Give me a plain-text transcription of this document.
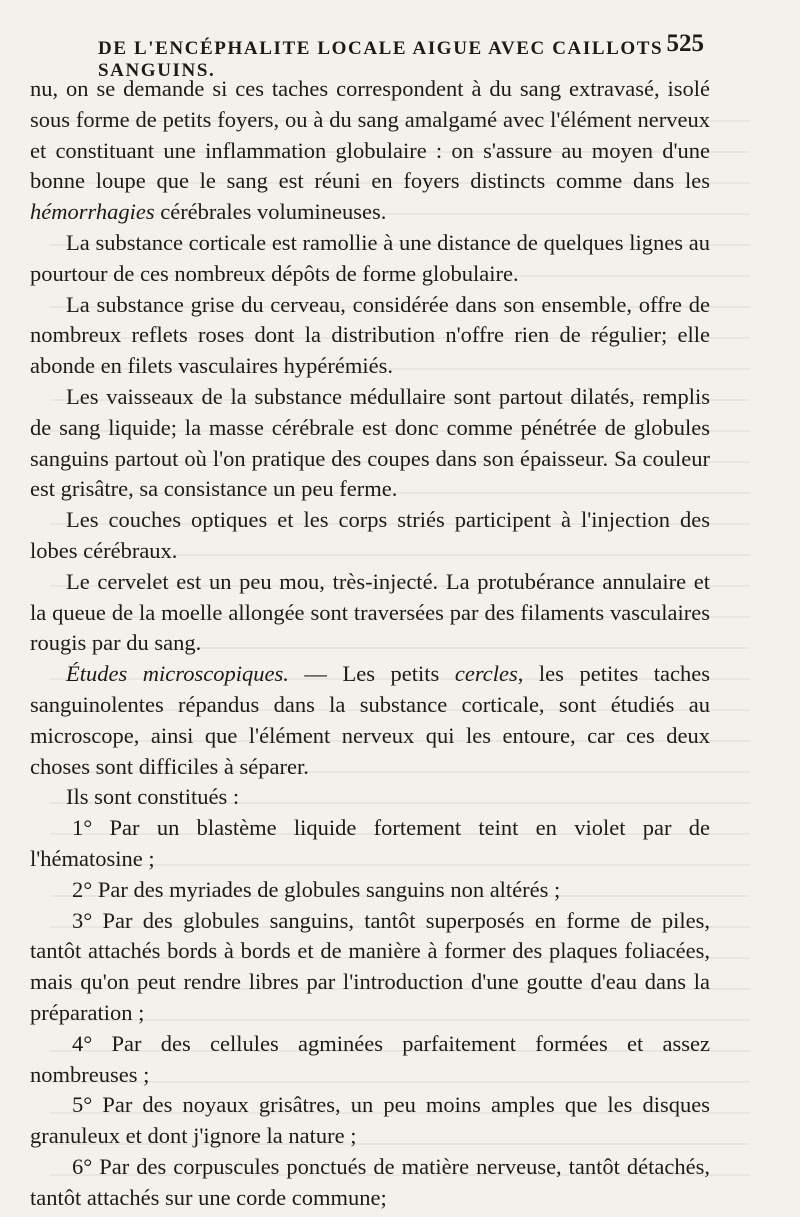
DE L'ENCÉPHALITE LOCALE AIGUE AVEC CAILLOTS SANGUINS.
525

nu, on se demande si ces taches correspondent à du sang extravasé, isolé sous forme de petits foyers, ou à du sang amalgamé avec l'élément nerveux et constituant une inflammation globulaire : on s'assure au moyen d'une bonne loupe que le sang est réuni en foyers distincts comme dans les hémorrhagies cérébrales volumineuses.

La substance corticale est ramollie à une distance de quelques lignes au pourtour de ces nombreux dépôts de forme globulaire.

La substance grise du cerveau, considérée dans son ensemble, offre de nombreux reflets roses dont la distribution n'offre rien de régulier; elle abonde en filets vasculaires hypérémiés.

Les vaisseaux de la substance médullaire sont partout dilatés, remplis de sang liquide; la masse cérébrale est donc comme pénétrée de globules sanguins partout où l'on pratique des coupes dans son épaisseur. Sa couleur est grisâtre, sa consistance un peu ferme.

Les couches optiques et les corps striés participent à l'injection des lobes cérébraux.

Le cervelet est un peu mou, très-injecté. La protubérance annulaire et la queue de la moelle allongée sont traversées par des filaments vasculaires rougis par du sang.

Études microscopiques. — Les petits cercles, les petites taches sanguinolentes répandus dans la substance corticale, sont étudiés au microscope, ainsi que l'élément nerveux qui les entoure, car ces deux choses sont difficiles à séparer.

Ils sont constitués :

1° Par un blastème liquide fortement teint en violet par de l'hématosine ;

2° Par des myriades de globules sanguins non altérés ;

3° Par des globules sanguins, tantôt superposés en forme de piles, tantôt attachés bords à bords et de manière à former des plaques foliacées, mais qu'on peut rendre libres par l'introduction d'une goutte d'eau dans la préparation ;

4° Par des cellules agminées parfaitement formées et assez nombreuses ;

5° Par des noyaux grisâtres, un peu moins amples que les disques granuleux et dont j'ignore la nature ;

6° Par des corpuscules ponctués de matière nerveuse, tantôt détachés, tantôt attachés sur une corde commune;
